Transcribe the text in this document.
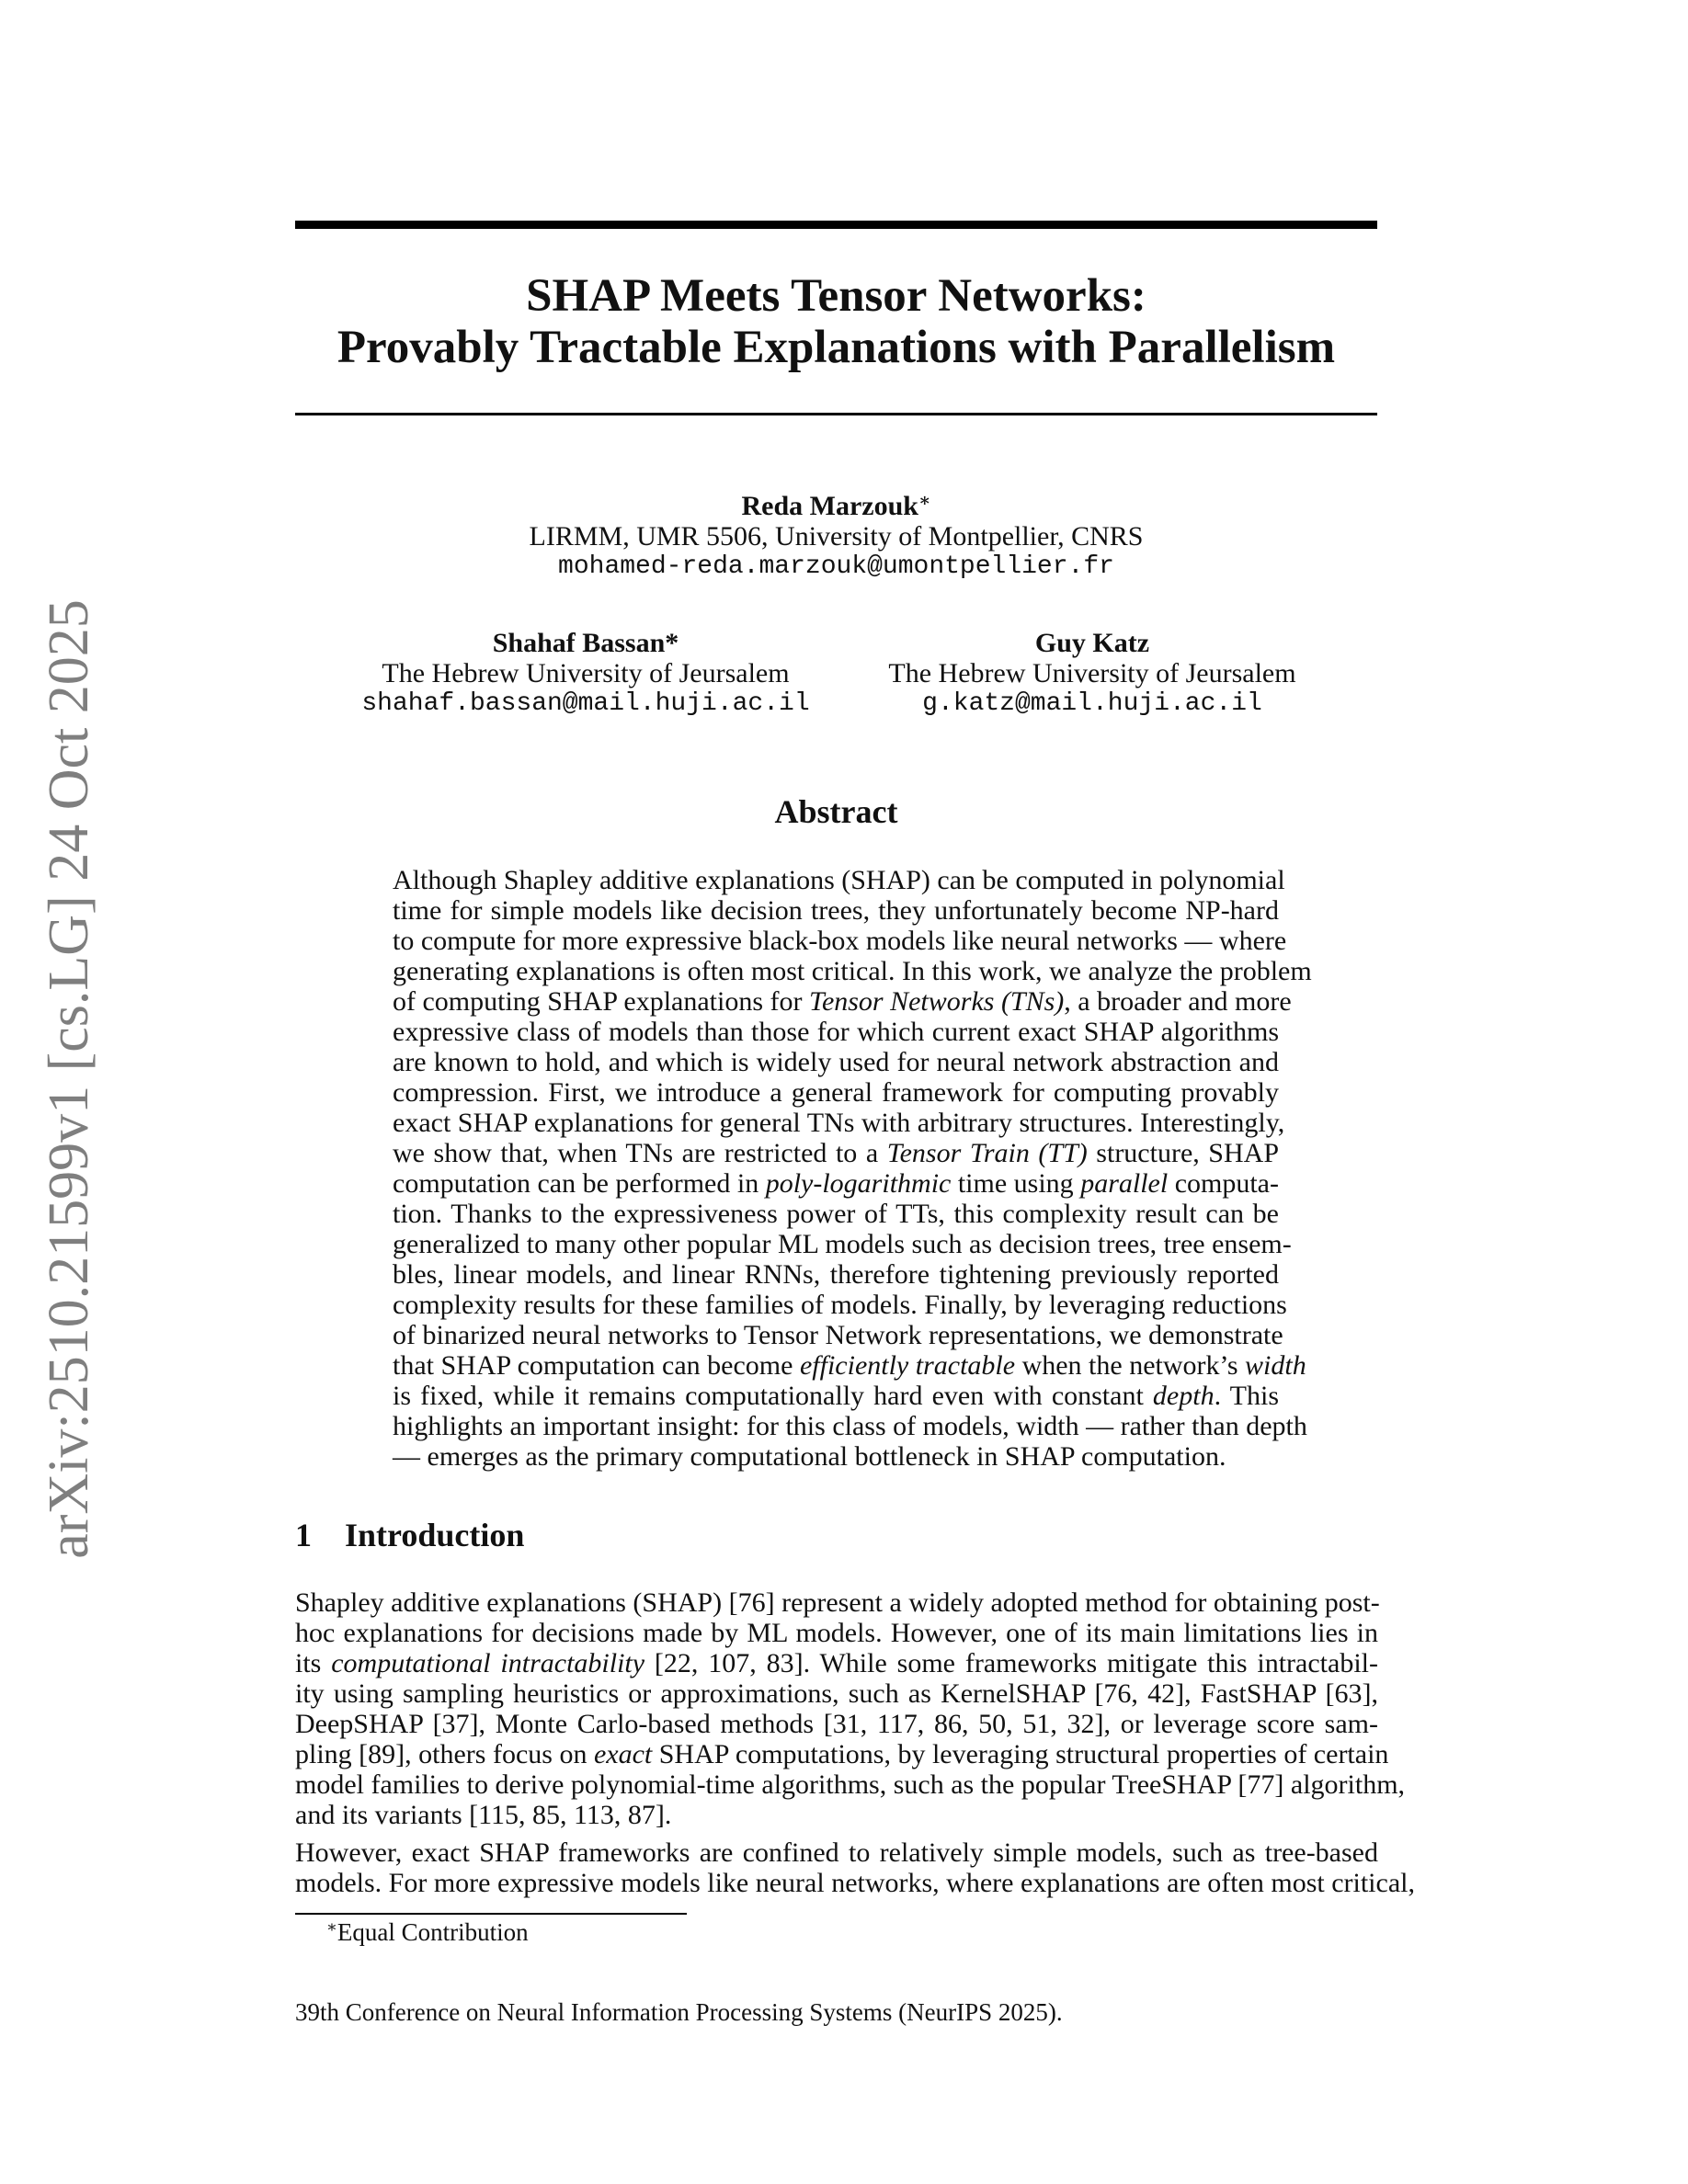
arXiv:2510.21599v1 [cs.LG] 24 Oct 2025
SHAP Meets Tensor Networks:
Provably Tractable Explanations with Parallelism
Reda Marzouk∗
LIRMM, UMR 5506, University of Montpellier, CNRS
mohamed-reda.marzouk@umontpellier.fr
Shahaf Bassan*
The Hebrew University of Jeursalem
shahaf.bassan@mail.huji.ac.il
Guy Katz
The Hebrew University of Jeursalem
g.katz@mail.huji.ac.il
Abstract
Although Shapley additive explanations (SHAP) can be computed in polynomial
time for simple models like decision trees, they unfortunately become NP-hard
to compute for more expressive black-box models like neural networks — where
generating explanations is often most critical. In this work, we analyze the problem
of computing SHAP explanations for Tensor Networks (TNs), a broader and more
expressive class of models than those for which current exact SHAP algorithms
are known to hold, and which is widely used for neural network abstraction and
compression. First, we introduce a general framework for computing provably
exact SHAP explanations for general TNs with arbitrary structures. Interestingly,
we show that, when TNs are restricted to a Tensor Train (TT) structure, SHAP
computation can be performed in poly-logarithmic time using parallel computa-
tion. Thanks to the expressiveness power of TTs, this complexity result can be
generalized to many other popular ML models such as decision trees, tree ensem-
bles, linear models, and linear RNNs, therefore tightening previously reported
complexity results for these families of models. Finally, by leveraging reductions
of binarized neural networks to Tensor Network representations, we demonstrate
that SHAP computation can become efficiently tractable when the network’s width
is fixed, while it remains computationally hard even with constant depth. This
highlights an important insight: for this class of models, width — rather than depth
— emerges as the primary computational bottleneck in SHAP computation.
1 Introduction
Shapley additive explanations (SHAP) [76] represent a widely adopted method for obtaining post-
hoc explanations for decisions made by ML models. However, one of its main limitations lies in
its computational intractability [22, 107, 83]. While some frameworks mitigate this intractabil-
ity using sampling heuristics or approximations, such as KernelSHAP [76, 42], FastSHAP [63],
DeepSHAP [37], Monte Carlo-based methods [31, 117, 86, 50, 51, 32], or leverage score sam-
pling [89], others focus on exact SHAP computations, by leveraging structural properties of certain
model families to derive polynomial-time algorithms, such as the popular TreeSHAP [77] algorithm,
and its variants [115, 85, 113, 87].
However, exact SHAP frameworks are confined to relatively simple models, such as tree-based
models. For more expressive models like neural networks, where explanations are often most critical,
∗Equal Contribution
39th Conference on Neural Information Processing Systems (NeurIPS 2025).
